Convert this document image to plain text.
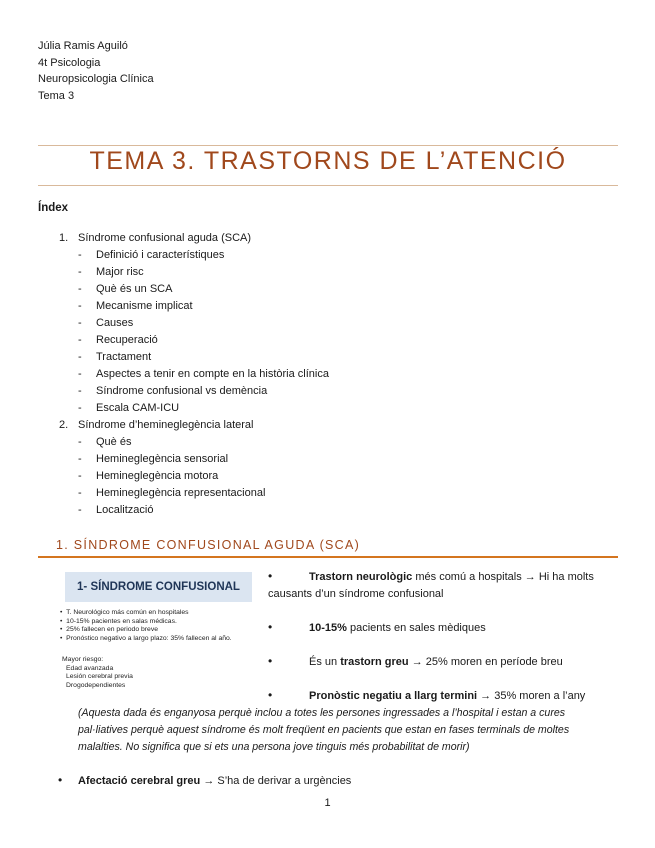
Júlia Ramis Aguiló
4t Psicologia
Neuropsicologia Clínica
Tema 3
TEMA 3. TRASTORNS DE L’ATENCIÓ
Índex
1. Síndrome confusional aguda (SCA)
- Definició i característiques
- Major risc
- Què és un SCA
- Mecanisme implicat
- Causes
- Recuperació
- Tractament
- Aspectes a tenir en compte en la història clínica
- Síndrome confusional vs demència
- Escala CAM-ICU
2. Síndrome d’hemineglegència lateral
- Què és
- Hemineglegència sensorial
- Hemineglegència motora
- Hemineglegència representacional
- Localització
1. SÍNDROME CONFUSIONAL AGUDA (SCA)
1- SÍNDROME CONFUSIONAL
• T. Neurológico más común en hospitales
• 10-15% pacientes en salas médicas.
• 25% fallecen en periodo breve
• Pronóstico negativo a largo plazo: 35% fallecen al año.
Mayor riesgo:
Edad avanzada
Lesión cerebral previa
Drogodependientes
•	Trastorn neurològic més comú a hospitals → Hi ha molts
causants d’un síndrome confusional
•	10-15% pacients en sales mèdiques
•	És un trastorn greu → 25% moren en període breu
•	Pronòstic negatiu a llarg termini → 35% moren a l’any
(Aquesta dada és enganyosa perquè inclou a totes les persones ingressades a l’hospital i estan a cures
pal·liatives perquè aquest síndrome és molt freqüent en pacients que estan en fases terminals de moltes
malalties. No significa que si ets una persona jove tinguis més probabilitat de morir)
• Afectació cerebral greu → S’ha de derivar a urgències
1
